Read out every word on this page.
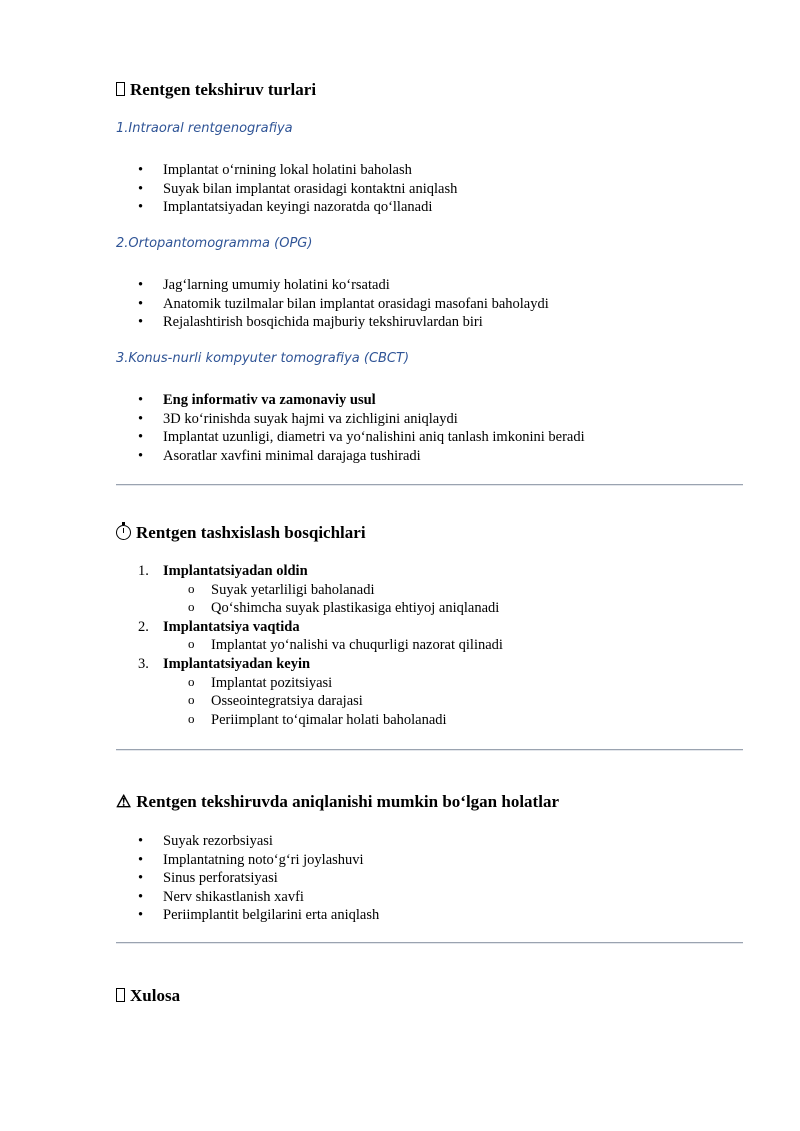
Rentgen tekshiruv turlari

1.Intraoral rentgenografiya

• Implantat oʻrnining lokal holatini baholash
• Suyak bilan implantat orasidagi kontaktni aniqlash
• Implantatsiyadan keyingi nazoratda qoʻllanadi

2.Ortopantomogramma (OPG)

• Jagʻlarning umumiy holatini koʻrsatadi
• Anatomik tuzilmalar bilan implantat orasidagi masofani baholaydi
• Rejalashtirish bosqichida majburiy tekshiruvlardan biri

3.Konus-nurli kompyuter tomografiya (CBCT)

• Eng informativ va zamonaviy usul
• 3D koʻrinishda suyak hajmi va zichligini aniqlaydi
• Implantat uzunligi, diametri va yoʻnalishini aniq tanlash imkonini beradi
• Asoratlar xavfini minimal darajaga tushiradi
Rentgen tashxislash bosqichlari
1. Implantatsiyadan oldin
o Suyak yetarliligi baholanadi
o Qoʻshimcha suyak plastikasiga ehtiyoj aniqlanadi
2. Implantatsiya vaqtida
o Implantat yoʻnalishi va chuqurligi nazorat qilinadi
3. Implantatsiyadan keyin
o Implantat pozitsiyasi
o Osseointegratsiya darajasi
o Periimplant toʻqimalar holati baholanadi
⚠ Rentgen tekshiruvda aniqlanishi mumkin boʻlgan holatlar
• Suyak rezorbsiyasi
• Implantatning notoʻgʻri joylashuvi
• Sinus perforatsiyasi
• Nerv shikastlanish xavfi
• Periimplantit belgilarini erta aniqlash
Xulosa
